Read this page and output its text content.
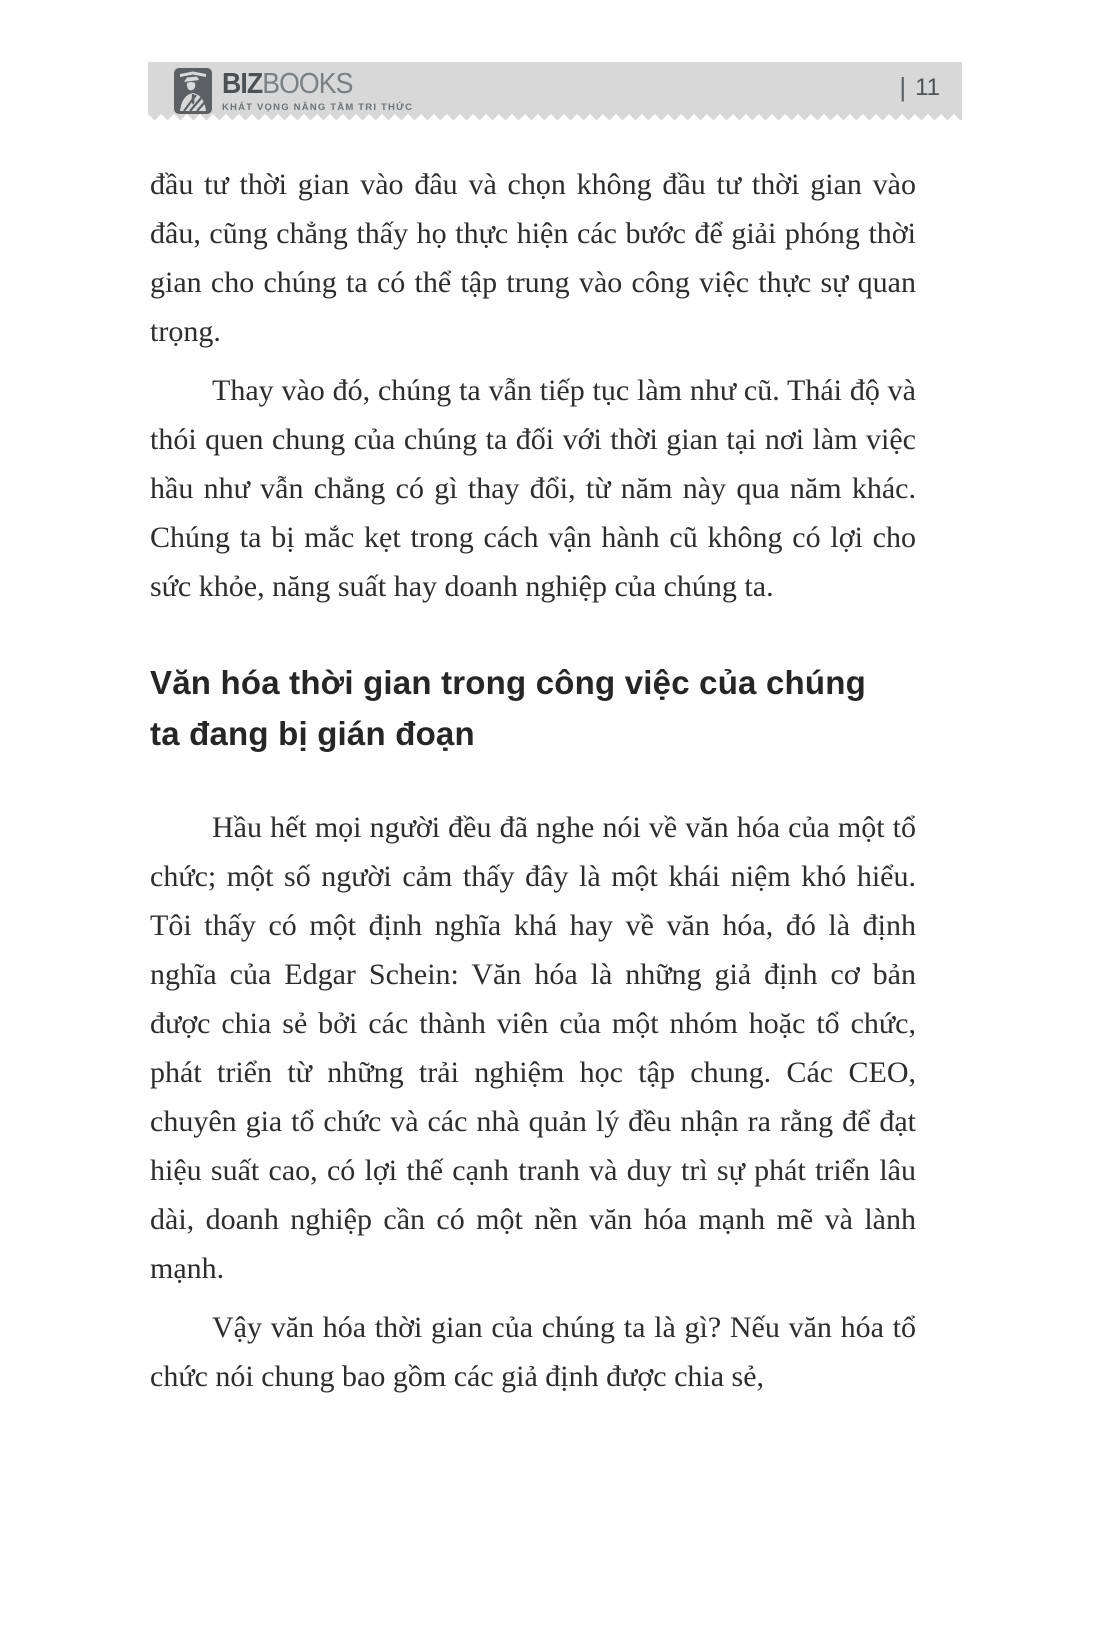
BIZBOOKS
KHÁT VỌNG NÂNG TẦM TRI THỨC
| 11

đầu tư thời gian vào đâu và chọn không đầu tư thời gian vào đâu, cũng chẳng thấy họ thực hiện các bước để giải phóng thời gian cho chúng ta có thể tập trung vào công việc thực sự quan trọng.

Thay vào đó, chúng ta vẫn tiếp tục làm như cũ. Thái độ và thói quen chung của chúng ta đối với thời gian tại nơi làm việc hầu như vẫn chẳng có gì thay đổi, từ năm này qua năm khác. Chúng ta bị mắc kẹt trong cách vận hành cũ không có lợi cho sức khỏe, năng suất hay doanh nghiệp của chúng ta.

Văn hóa thời gian trong công việc của chúng ta đang bị gián đoạn

Hầu hết mọi người đều đã nghe nói về văn hóa của một tổ chức; một số người cảm thấy đây là một khái niệm khó hiểu. Tôi thấy có một định nghĩa khá hay về văn hóa, đó là định nghĩa của Edgar Schein: Văn hóa là những giả định cơ bản được chia sẻ bởi các thành viên của một nhóm hoặc tổ chức, phát triển từ những trải nghiệm học tập chung. Các CEO, chuyên gia tổ chức và các nhà quản lý đều nhận ra rằng để đạt hiệu suất cao, có lợi thế cạnh tranh và duy trì sự phát triển lâu dài, doanh nghiệp cần có một nền văn hóa mạnh mẽ và lành mạnh.

Vậy văn hóa thời gian của chúng ta là gì? Nếu văn hóa tổ chức nói chung bao gồm các giả định được chia sẻ,
